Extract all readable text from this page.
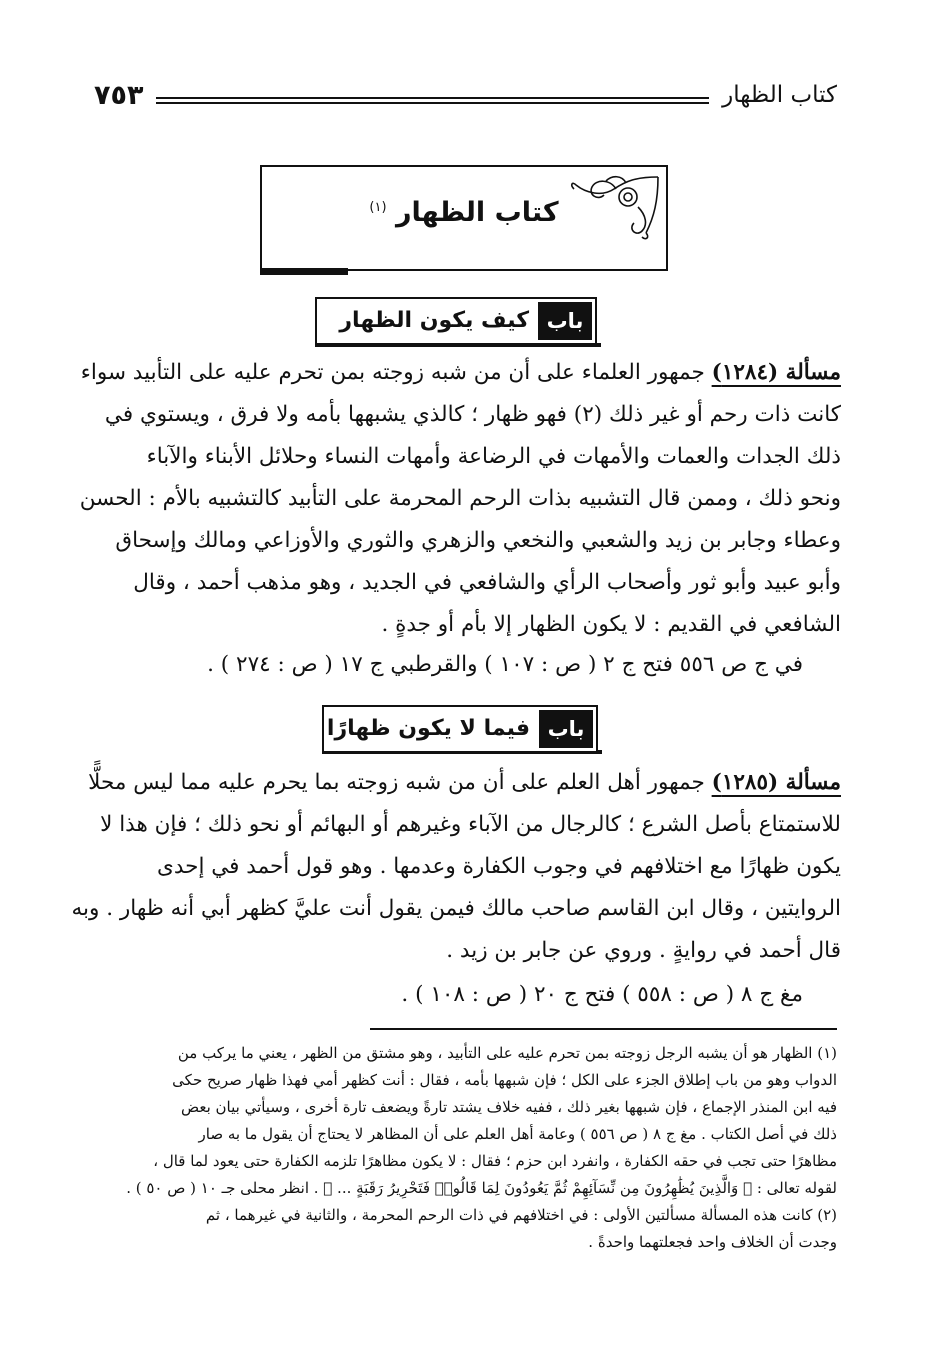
كتاب الظهار
٧٥٣
كتاب الظهار $^{(١)}$
باب
كيف يكون الظهار
مسألة (١٢٨٤) جمهور العلماء على أن من شبه زوجته بمن تحرم عليه على التأبيد سواء
كانت ذات رحم أو غير ذلك (٢) فهو ظهار ؛ كالذي يشبهها بأمه ولا فرق ، ويستوي في
ذلك الجدات والعمات والأمهات في الرضاعة وأمهات النساء وحلائل الأبناء والآباء
ونحو ذلك ، وممن قال التشبيه بذات الرحم المحرمة على التأبيد كالتشبيه بالأم : الحسن
وعطاء وجابر بن زيد والشعبي والنخعي والزهري والثوري والأوزاعي ومالك وإسحاق
وأبو عبيد وأبو ثور وأصحاب الرأي والشافعي في الجديد ، وهو مذهب أحمد ، وقال
الشافعي في القديم : لا يكون الظهار إلا بأم أو جدةٍ .
في ج ص ٥٥٦ فتح ج ٢ ( ص : ١٠٧ ) والقرطبي ج ١٧ ( ص : ٢٧٤ ) .
باب
فيما لا يكون ظهارًا
مسألة (١٢٨٥) جمهور أهل العلم على أن من شبه زوجته بما يحرم عليه مما ليس محلًّا
للاستمتاع بأصل الشرع ؛ كالرجال من الآباء وغيرهم أو البهائم أو نحو ذلك ؛ فإن هذا لا
يكون ظهارًا مع اختلافهم في وجوب الكفارة وعدمها . وهو قول أحمد في إحدى
الروايتين ، وقال ابن القاسم صاحب مالك فيمن يقول أنت عليَّ كظهر أبي أنه ظهار . وبه
قال أحمد في روايةٍ . وروي عن جابر بن زيد .
مغ ج ٨ ( ص : ٥٥٨ ) فتح ج ٢٠ ( ص : ١٠٨ ) .
(١) الظهار هو أن يشبه الرجل زوجته بمن تحرم عليه على التأبيد ، وهو مشتق من الظهر ، يعني ما يركب من
الدواب وهو من باب إطلاق الجزء على الكل ؛ فإن شبهها بأمه ، فقال : أنت كظهر أمي فهذا ظهار صريح حكى
فيه ابن المنذر الإجماع ، فإن شبهها بغير ذلك ، ففيه خلاف يشتد تارةً ويضعف تارة أخرى ، وسيأتي بيان بعض
ذلك في أصل الكتاب . مغ ج ٨ ( ص ٥٥٦ ) وعامة أهل العلم على أن المظاهر لا يحتاج أن يقول ما به صار
مظاهرًا حتى تجب في حقه الكفارة ، وانفرد ابن حزم ؛ فقال : لا يكون مظاهرًا تلزمه الكفارة حتى يعود لما قال ،
لقوله تعالى : ﴿ وَالَّذِينَ يُظَٰهِرُونَ مِن نِّسَآئِهِمْ ثُمَّ يَعُودُونَ لِمَا قَالُوا۟ فَتَحْرِيرُ رَقَبَةٍ ... ﴾ . انظر محلى جـ ١٠ ( ص ٥٠ ) .
(٢) كانت هذه المسألة مسألتين الأولى : في اختلافهم في ذات الرحم المحرمة ، والثانية في غيرهما ، ثم
وجدت أن الخلاف واحد فجعلتهما واحدةً .
